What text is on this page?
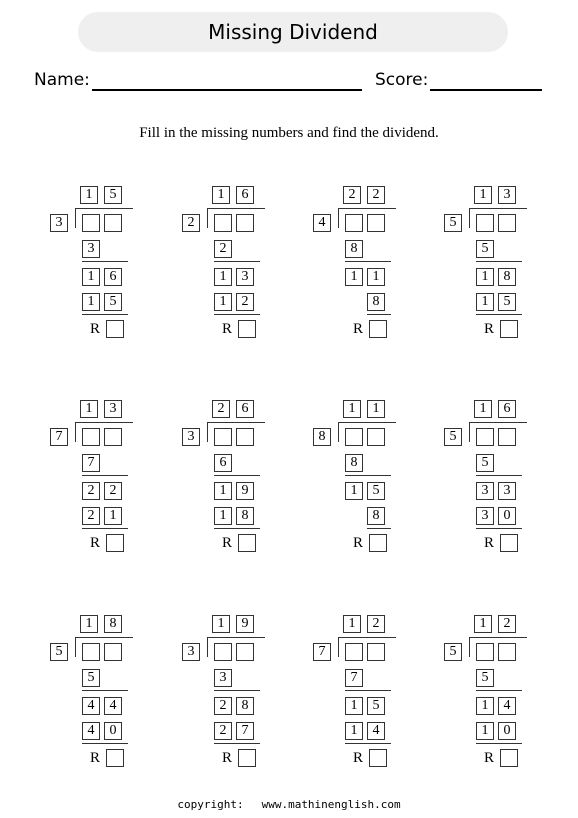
Missing Dividend
Name:	Score:
Fill in the missing numbers and find the dividend.
1	5
3
3
1	6
1	5
R
1	6
2
2
1	3
1	2
R
2	2
4
8
1	1
8
R
1	3
5
5
1	8
1	5
R
1	3
7
7
2	2
2	1
R
2	6
3
6
1	9
1	8
R
1	1
8
8
1	5
8
R
1	6
5
5
3	3
3	0
R
1	8
5
5
4	4
4	0
R
1	9
3
3
2	8
2	7
R
1	2
7
7
1	5
1	4
R
1	2
5
5
1	4
1	0
R
copyright: www.mathinenglish.com
